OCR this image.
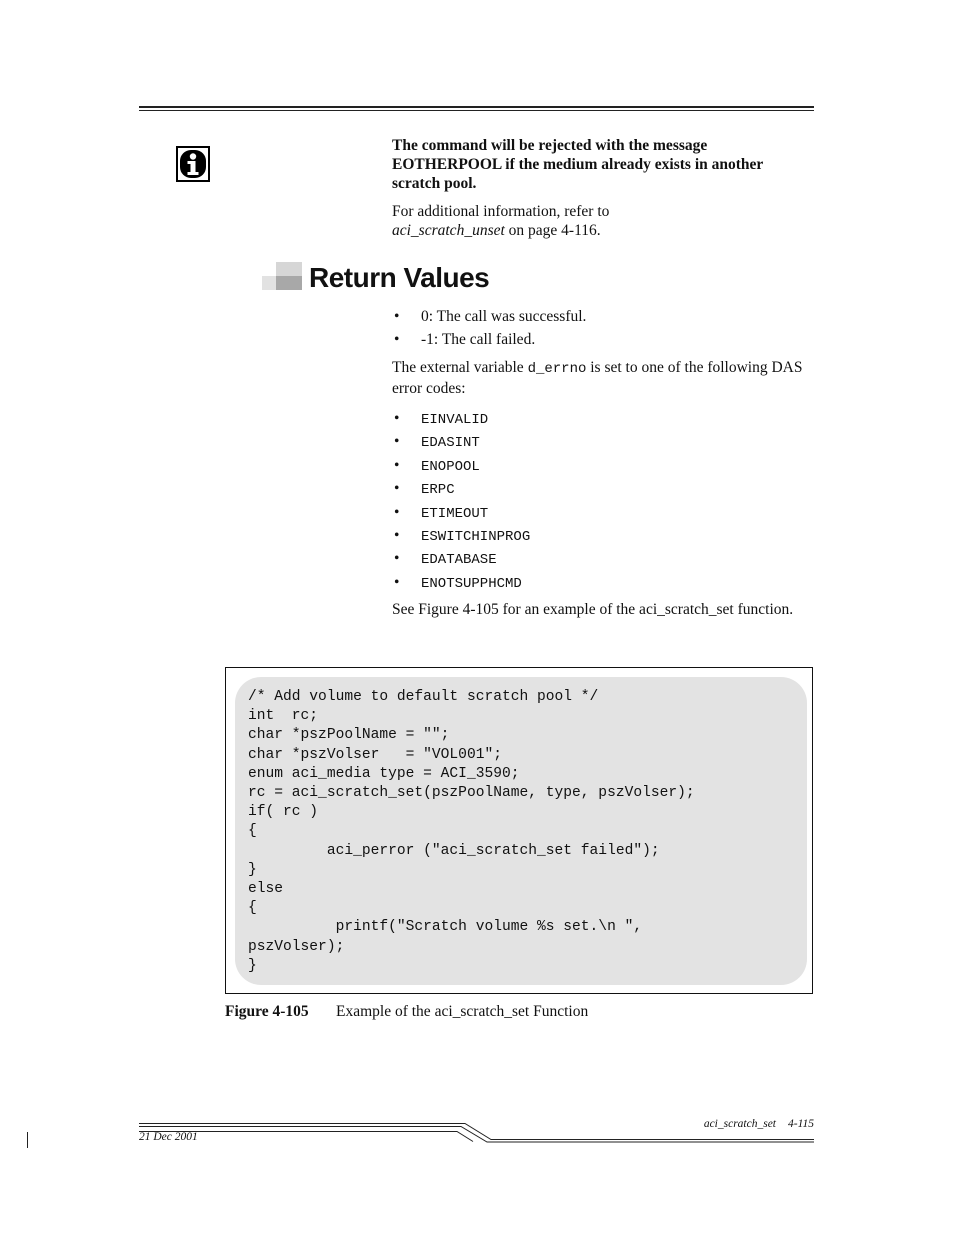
The command will be rejected with the message EOTHERPOOL if the medium already exists in another scratch pool.
For additional information, refer to
aci_scratch_unset on page 4-116.
Return Values
• 0: The call was successful.
• -1: The call failed.
The external variable d_errno is set to one of the following DAS error codes:
• EINVALID
• EDASINT
• ENOPOOL
• ERPC
• ETIMEOUT
• ESWITCHINPROG
• EDATABASE
• ENOTSUPPHCMD
See Figure 4-105 for an example of the aci_scratch_set function.
/* Add volume to default scratch pool */
int  rc;
char *pszPoolName = "";
char *pszVolser   = "VOL001";
enum aci_media type = ACI_3590;
rc = aci_scratch_set(pszPoolName, type, pszVolser);
if( rc )
{
aci_perror ("aci_scratch_set failed");
}
else
{
printf("Scratch volume %s set.\n ",
pszVolser);
}
Figure 4-105 Example of the aci_scratch_set Function
21 Dec 2001
aci_scratch_set 4-115
